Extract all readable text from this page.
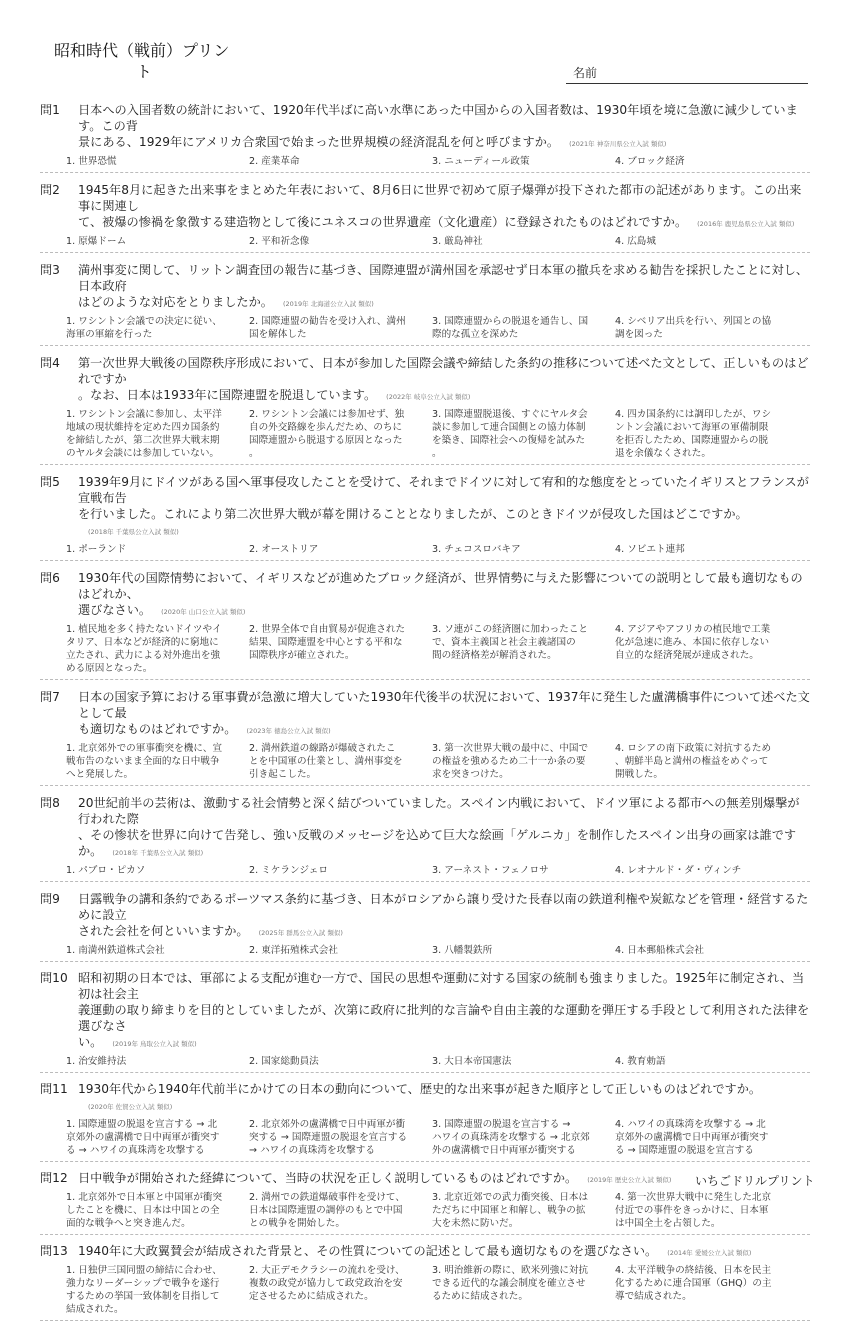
昭和時代（戦前）プリン
ト	名前
問1	日本への入国者数の統計において、1920年代半ばに高い水準にあった中国からの入国者数は、1930年頃を境に急激に減少しています。この背
景にある、1929年にアメリカ合衆国で始まった世界規模の経済混乱を何と呼びますか。 (2021年 神奈川県公立入試 類似)
1. 世界恐慌	2. 産業革命	3. ニューディール政策	4. ブロック経済
問2	1945年8月に起きた出来事をまとめた年表において、8月6日に世界で初めて原子爆弾が投下された都市の記述があります。この出来事に関連し
て、被爆の惨禍を象徴する建造物として後にユネスコの世界遺産（文化遺産）に登録されたものはどれですか。 (2016年 鹿児島県公立入試 類似)
1. 原爆ドーム	2. 平和祈念像	3. 厳島神社	4. 広島城
問3	満州事変に関して、リットン調査団の報告に基づき、国際連盟が満州国を承認せず日本軍の撤兵を求める勧告を採択したことに対し、日本政府
はどのような対応をとりましたか。 (2019年 北海道公立入試 類似)
1. ワシントン会議での決定に従い、
海軍の軍縮を行った
2. 国際連盟の勧告を受け入れ、満州
国を解体した
3. 国際連盟からの脱退を通告し、国
際的な孤立を深めた
4. シベリア出兵を行い、列国との協
調を図った
問4	第一次世界大戦後の国際秩序形成において、日本が参加した国際会議や締結した条約の推移について述べた文として、正しいものはどれですか
。なお、日本は1933年に国際連盟を脱退しています。 (2022年 岐阜公立入試 類似)
1. ワシントン会議に参加し、太平洋
地域の現状維持を定めた四カ国条約
を締結したが、第二次世界大戦末期
のヤルタ会談には参加していない。
2. ワシントン会議には参加せず、独
自の外交路線を歩んだため、のちに
国際連盟から脱退する原因となった
。
3. 国際連盟脱退後、すぐにヤルタ会
談に参加して連合国側との協力体制
を築き、国際社会への復帰を試みた
。
4. 四カ国条約には調印したが、ワシ
ントン会議において海軍の軍備制限
を拒否したため、国際連盟からの脱
退を余儀なくされた。
問5	1939年9月にドイツがある国へ軍事侵攻したことを受けて、それまでドイツに対して宥和的な態度をとっていたイギリスとフランスが宣戦布告
を行いました。これにより第二次世界大戦が幕を開けることとなりましたが、このときドイツが侵攻した国はどこですか。(2018年 千葉県公立入試 類似)
1. ポーランド	2. オーストリア	3. チェコスロバキア	4. ソビエト連邦
問6	1930年代の国際情勢において、イギリスなどが進めたブロック経済が、世界情勢に与えた影響についての説明として最も適切なものはどれか、
選びなさい。 (2020年 山口公立入試 類似)
1. 植民地を多く持たないドイツやイ
タリア、日本などが経済的に窮地に
立たされ、武力による対外進出を強
める原因となった。
2. 世界全体で自由貿易が促進された
結果、国際連盟を中心とする平和な
国際秩序が確立された。
3. ソ連がこの経済圏に加わったこと
で、資本主義国と社会主義諸国の
間の経済格差が解消された。
4. アジアやアフリカの植民地で工業
化が急速に進み、本国に依存しない
自立的な経済発展が達成された。
問7	日本の国家予算における軍事費が急激に増大していた1930年代後半の状況において、1937年に発生した盧溝橋事件について述べた文として最
も適切なものはどれですか。 (2023年 徳島公立入試 類似)
1. 北京郊外での軍事衝突を機に、宣
戦布告のないまま全面的な日中戦争
へと発展した。
2. 満州鉄道の線路が爆破されたこ
とを中国軍の仕業とし、満州事変を
引き起こした。
3. 第一次世界大戦の最中に、中国で
の権益を強めるため二十一か条の要
求を突きつけた。
4. ロシアの南下政策に対抗するため
、朝鮮半島と満州の権益をめぐって
開戦した。
問8	20世紀前半の芸術は、激動する社会情勢と深く結びついていました。スペイン内戦において、ドイツ軍による都市への無差別爆撃が行われた際
、その惨状を世界に向けて告発し、強い反戦のメッセージを込めて巨大な絵画「ゲルニカ」を制作したスペイン出身の画家は誰ですか。 (2018年 千葉県公立入試 類似)
1. パブロ・ピカソ	2. ミケランジェロ	3. アーネスト・フェノロサ	4. レオナルド・ダ・ヴィンチ
問9	日露戦争の講和条約であるポーツマス条約に基づき、日本がロシアから譲り受けた長春以南の鉄道利権や炭鉱などを管理・経営するために設立
された会社を何といいますか。 (2025年 群馬公立入試 類似)
1. 南満州鉄道株式会社	2. 東洋拓殖株式会社	3. 八幡製鉄所	4. 日本郵船株式会社
問10 昭和初期の日本では、軍部による支配が進む一方で、国民の思想や運動に対する国家の統制も強まりました。1925年に制定され、当初は社会主
義運動の取り締まりを目的としていましたが、次第に政府に批判的な言論や自由主義的な運動を弾圧する手段として利用された法律を選びなさ
い。 (2019年 鳥取公立入試 類似)
1. 治安維持法	2. 国家総動員法	3. 大日本帝国憲法	4. 教育勅語
問11 1930年代から1940年代前半にかけての日本の動向について、歴史的な出来事が起きた順序として正しいものはどれですか。(2020年 佐賀公立入試 類似)
1. 国際連盟の脱退を宣言する → 北
京郊外の盧溝橋で日中両軍が衝突す
る → ハワイの真珠湾を攻撃する
2. 北京郊外の盧溝橋で日中両軍が衝
突する → 国際連盟の脱退を宣言する
→ ハワイの真珠湾を攻撃する
3. 国際連盟の脱退を宣言する →
ハワイの真珠湾を攻撃する → 北京郊
外の盧溝橋で日中両軍が衝突する
4. ハワイの真珠湾を攻撃する → 北
京郊外の盧溝橋で日中両軍が衝突す
る → 国際連盟の脱退を宣言する
問12 日中戦争が開始された経緯について、当時の状況を正しく説明しているものはどれですか。 (2019年 歴史公立入試 類似)
1. 北京郊外で日本軍と中国軍が衝突
したことを機に、日本は中国との全
面的な戦争へと突き進んだ。
2. 満州での鉄道爆破事件を受けて、
日本は国際連盟の調停のもとで中国
との戦争を開始した。
3. 北京近郊での武力衝突後、日本は
ただちに中国軍と和解し、戦争の拡
大を未然に防いだ。
4. 第一次世界大戦中に発生した北京
付近での事件をきっかけに、日本軍
は中国全土を占領した。
問13 1940年に大政翼賛会が結成された背景と、その性質についての記述として最も適切なものを選びなさい。 (2014年 愛媛公立入試 類似)
1. 日独伊三国同盟の締結に合わせ、
強力なリーダーシップで戦争を遂行
するための挙国一致体制を目指して
結成された。
2. 大正デモクラシーの流れを受け、
複数の政党が協力して政党政治を安
定させるために結成された。
3. 明治維新の際に、欧米列強に対抗
できる近代的な議会制度を確立させ
るために結成された。
4. 太平洋戦争の終結後、日本を民主
化するために連合国軍（GHQ）の主
導で結成された。
いちごドリルプリント
